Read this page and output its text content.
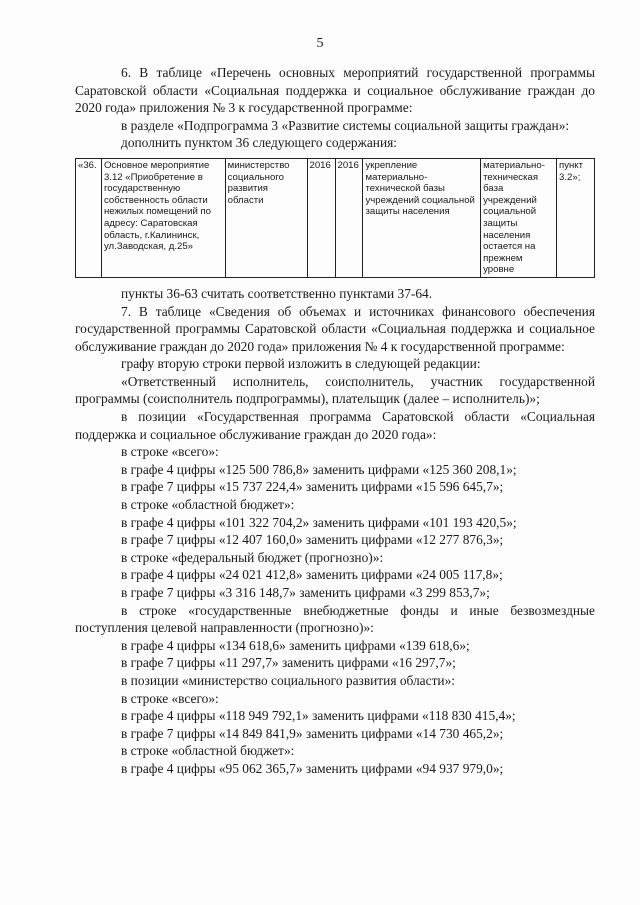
5

6. В таблице «Перечень основных мероприятий государственной программы Саратовской области «Социальная поддержка и социальное обслуживание граждан до 2020 года» приложения № 3 к государственной программе:

в разделе «Подпрограмма 3 «Развитие системы социальной защиты граждан»:

дополнить пунктом 36 следующего содержания:

«36.	Основное мероприятие 3.12 «Приобретение в государственную собственность области нежилых помещений по адресу: Саратовская область, г.Калининск, ул.Заводская, д.25»	министерство социального развития области	2016	2016	укрепление материально-технической базы учреждений социальной защиты населения	материально-техническая база учреждений социальной защиты населения остается на прежнем уровне	пункт 3.2»;

пункты 36-63 считать соответственно пунктами 37-64.

7. В таблице «Сведения об объемах и источниках финансового обеспечения государственной программы Саратовской области «Социальная поддержка и социальное обслуживание граждан до 2020 года» приложения № 4 к государственной программе:

графу вторую строки первой изложить в следующей редакции:

«Ответственный исполнитель, соисполнитель, участник государственной программы (соисполнитель подпрограммы), плательщик (далее – исполнитель)»;

в позиции «Государственная программа Саратовской области «Социальная поддержка и социальное обслуживание граждан до 2020 года»:

в строке «всего»:

в графе 4 цифры «125 500 786,8» заменить цифрами «125 360 208,1»;

в графе 7 цифры «15 737 224,4» заменить цифрами «15 596 645,7»;

в строке «областной бюджет»:

в графе 4 цифры «101 322 704,2» заменить цифрами «101 193 420,5»;

в графе 7 цифры «12 407 160,0» заменить цифрами «12 277 876,3»;

в строке «федеральный бюджет (прогнозно)»:

в графе 4 цифры «24 021 412,8» заменить цифрами «24 005 117,8»;

в графе 7 цифры «3 316 148,7» заменить цифрами «3 299 853,7»;

в строке «государственные внебюджетные фонды и иные безвозмездные поступления целевой направленности (прогнозно)»:

в графе 4 цифры «134 618,6» заменить цифрами «139 618,6»;

в графе 7 цифры «11 297,7» заменить цифрами «16 297,7»;

в позиции «министерство социального развития области»:

в строке «всего»:

в графе 4 цифры «118 949 792,1» заменить цифрами «118 830 415,4»;

в графе 7 цифры «14 849 841,9» заменить цифрами «14 730 465,2»;

в строке «областной бюджет»:

в графе 4 цифры «95 062 365,7» заменить цифрами «94 937 979,0»;
